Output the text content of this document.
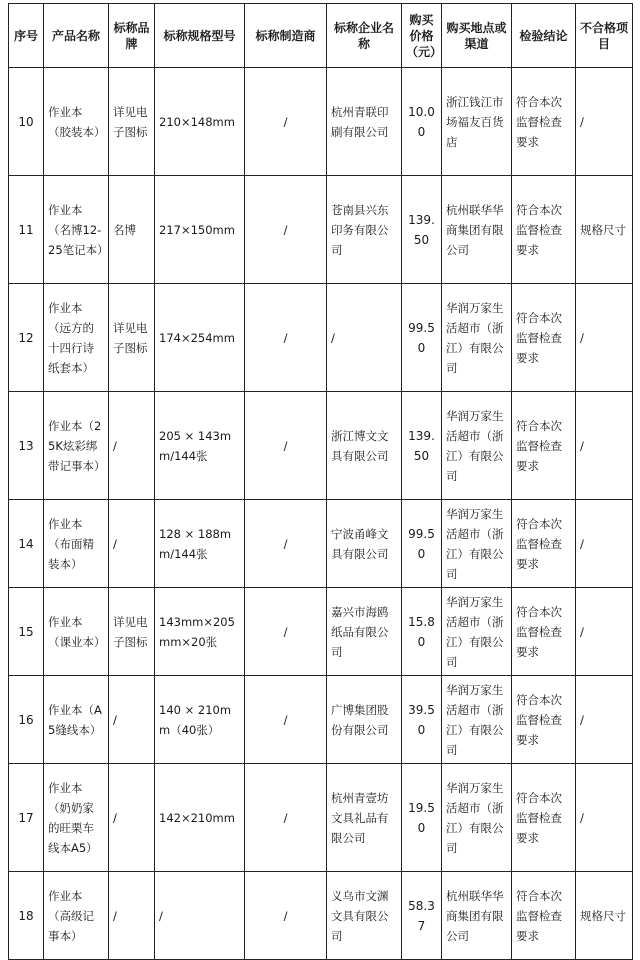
序号	产品名称	标称品牌	标称规格型号	标称制造商	标称企业名称	购买价格（元）	购买地点或渠道	检验结论	不合格项目
10	作业本（胶装本）	详见电子图标	210×148mm	/	杭州青联印刷有限公司	10.00	浙江钱江市场福友百货店	符合本次监督检查要求	/
11	作业本（名博12-25笔记本）	名博	217×150mm	/	苍南县兴东印务有限公司	139.50	杭州联华华商集团有限公司	符合本次监督检查要求	规格尺寸
12	作业本（远方的十四行诗纸套本）	详见电子图标	174×254mm	/	/	99.50	华润万家生活超市（浙江）有限公司	符合本次监督检查要求	/
13	作业本（25K炫彩绑带记事本）	/	205 × 143mm/144张	/	浙江博文文具有限公司	139.50	华润万家生活超市（浙江）有限公司	符合本次监督检查要求	/
14	作业本（布面精装本）	/	128 × 188mm/144张	/	宁波甬峰文具有限公司	99.50	华润万家生活超市（浙江）有限公司	符合本次监督检查要求	/
15	作业本（课业本）	详见电子图标	143mm×205mm×20张	/	嘉兴市海鸥纸品有限公司	15.80	华润万家生活超市（浙江）有限公司	符合本次监督检查要求	/
16	作业本（A5缝线本）	/	140 × 210mm（40张）	/	广博集团股份有限公司	39.50	华润万家生活超市（浙江）有限公司	符合本次监督检查要求	/
17	作业本（奶奶家的旺栗车线本A5）	/	142×210mm	/	杭州青壹坊文具礼品有限公司	19.50	华润万家生活超市（浙江）有限公司	符合本次监督检查要求	/
18	作业本（高级记事本）	/	/	/	义乌市文渊文具有限公司	58.37	杭州联华华商集团有限公司	符合本次监督检查要求	规格尺寸
